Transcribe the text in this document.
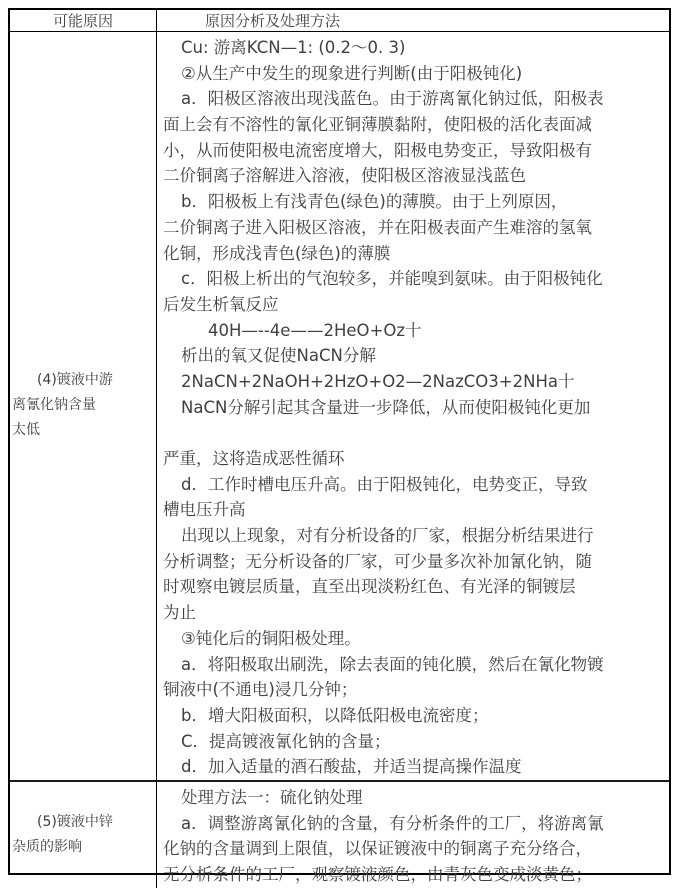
可能原因	原因分析及处理方法
(4)镀液中游
离氰化钠含量
太低
Cu: 游离KCN—1: (0.2～0. 3)
②从生产中发生的现象进行判断(由于阳极钝化)
a．阳极区溶液出现浅蓝色。由于游离氰化钠过低，阳极表
面上会有不溶性的氰化亚铜薄膜黏附，使阳极的活化表面减
小，从而使阳极电流密度增大，阳极电势变正，导致阳极有
二价铜离子溶解进入溶液，使阳极区溶液显浅蓝色
b．阳极板上有浅青色(绿色)的薄膜。由于上列原因，
二价铜离子进入阳极区溶液，并在阳极表面产生难溶的氢氧
化铜，形成浅青色(绿色)的薄膜
c．阳极上析出的气泡较多，并能嗅到氨味。由于阳极钝化
后发生析氧反应
40H—--4e——2HeO+Oz十
析出的氧又促使NaCN分解
2NaCN+2NaOH+2HzO+O2—2NazCO3+2NHa十
NaCN分解引起其含量进一步降低，从而使阳极钝化更加
严重，这将造成恶性循环
d．工作时槽电压升高。由于阳极钝化，电势变正，导致
槽电压升高
出现以上现象，对有分析设备的厂家，根据分析结果进行
分析调整；无分析设备的厂家，可少量多次补加氰化钠，随
时观察电镀层质量，直至出现淡粉红色、有光泽的铜镀层
为止
③钝化后的铜阳极处理。
a．将阳极取出刷洗，除去表面的钝化膜，然后在氰化物镀
铜液中(不通电)浸几分钟；
b．增大阳极面积，以降低阳极电流密度；
C．提高镀液氰化钠的含量；
d．加入适量的酒石酸盐，并适当提高操作温度
(5)镀液中锌
杂质的影响
处理方法一：硫化钠处理
a．调整游离氰化钠的含量，有分析条件的工厂，将游离氰
化钠的含量调到上限值，以保证镀液中的铜离子充分络合，
无分析条件的工厂，观察镀液颜色，由青灰色变成淡黄色；
